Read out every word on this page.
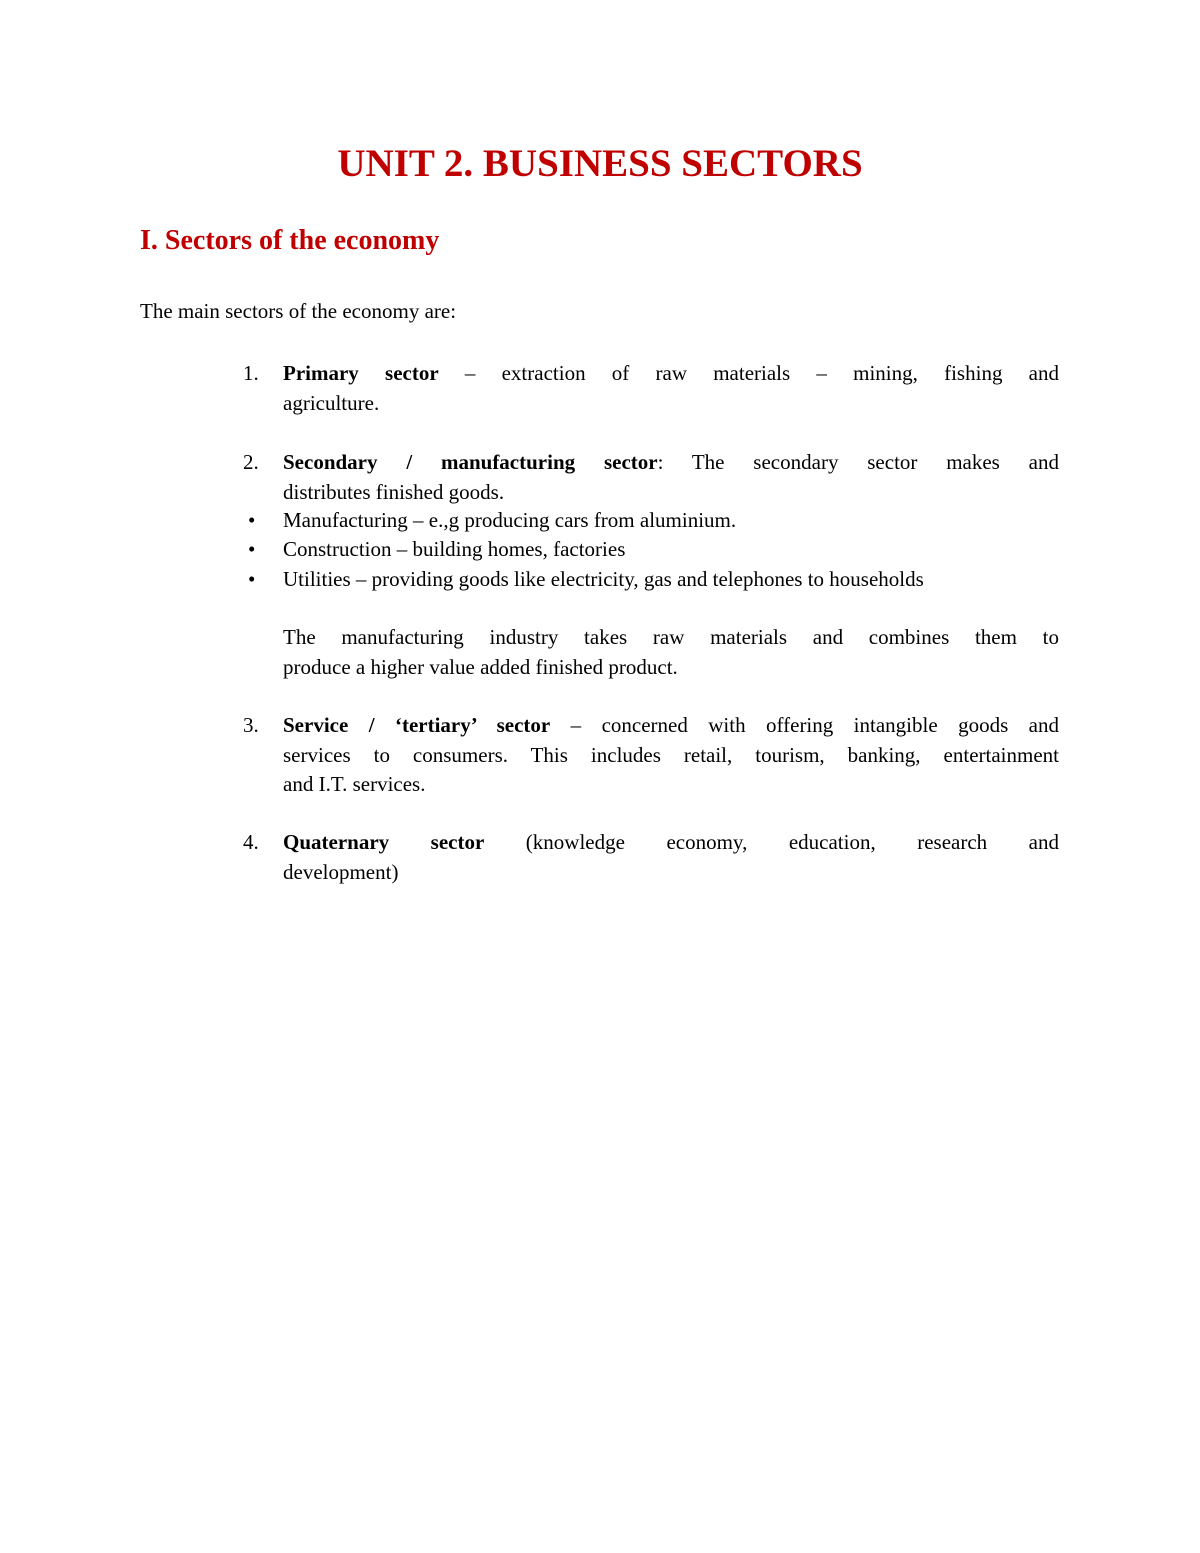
UNIT 2. BUSINESS SECTORS
I. Sectors of the economy

The main sectors of the economy are:

1. Primary sector – extraction of raw materials – mining, fishing and
agriculture.
2. Secondary / manufacturing sector: The secondary sector makes and
distributes finished goods.
• Manufacturing – e.,g producing cars from aluminium.
• Construction – building homes, factories
• Utilities – providing goods like electricity, gas and telephones to households
The manufacturing industry takes raw materials and combines them to
produce a higher value added finished product.
3. Service / ‘tertiary’ sector – concerned with offering intangible goods and
services to consumers. This includes retail, tourism, banking, entertainment
and I.T. services.
4. Quaternary sector (knowledge economy, education, research and
development)
